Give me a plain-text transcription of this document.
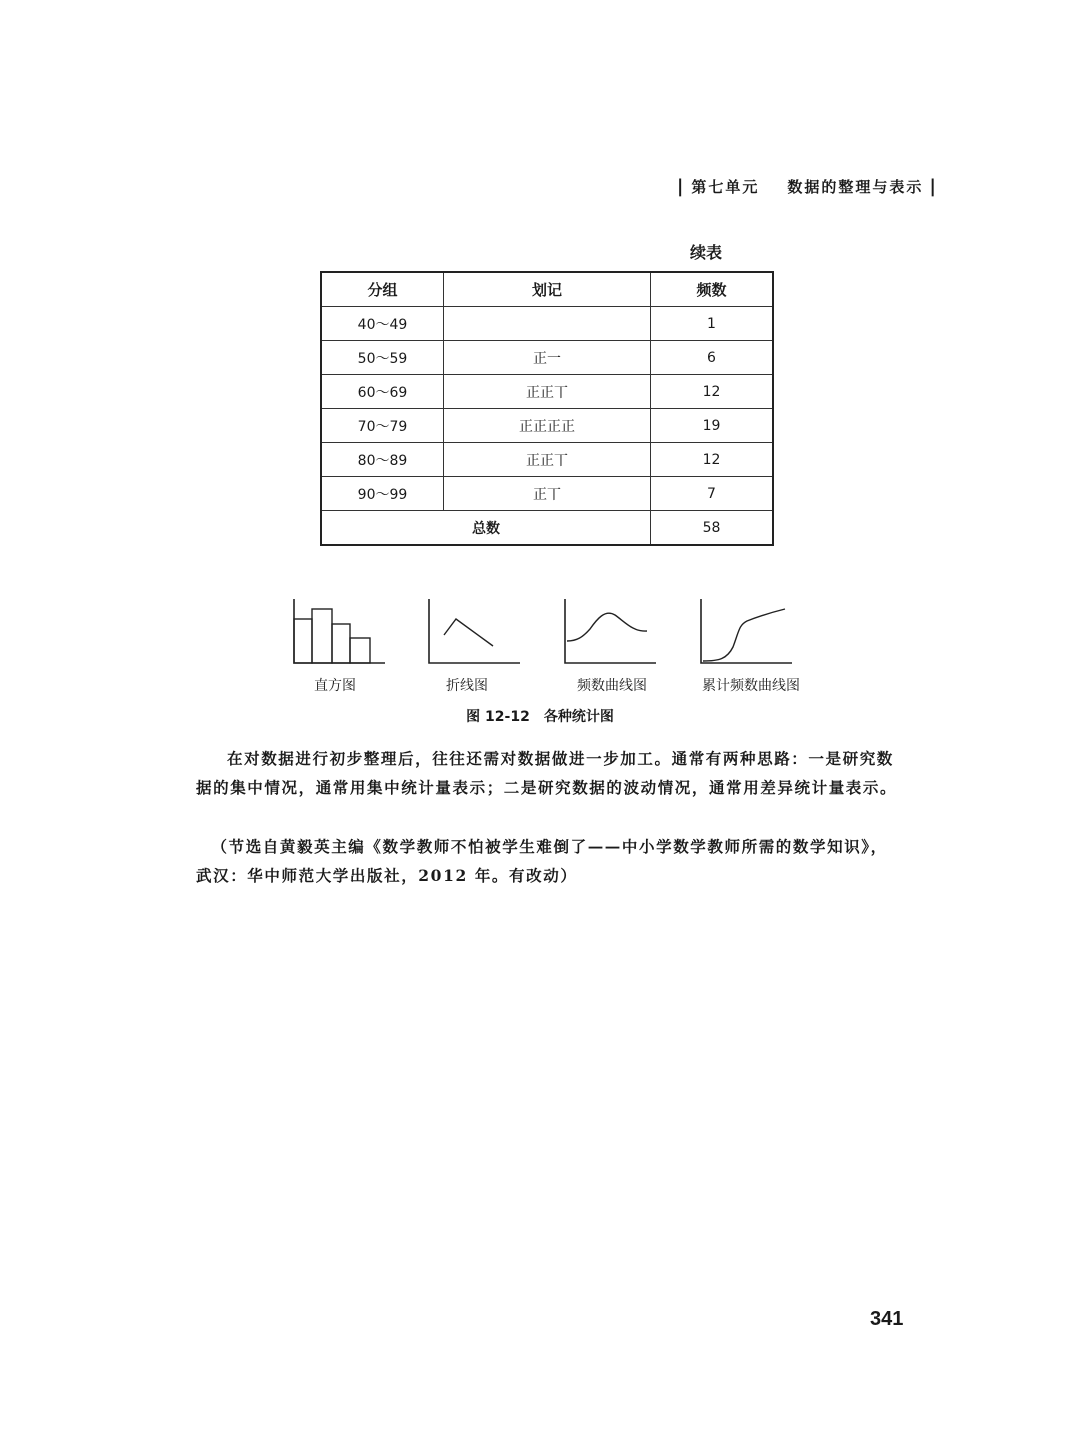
| 第七单元 数据的整理与表示 |
续表
分组	划记	频数
40～49		1
50～59	正一	6
60～69	正正丅	12
70～79	正正正正	19
80～89	正正丅	12
90～99	正丅	7
总数		58
直方图	折线图	频数曲线图	累计频数曲线图
图 12-12　各种统计图
在对数据进行初步整理后，往往还需对数据做进一步加工。通常有两种思路：一是研究数据的集中情况，通常用集中统计量表示；二是研究数据的波动情况，通常用差异统计量表示。
（节选自黄毅英主编《数学教师不怕被学生难倒了——中小学数学教师所需的数学知识》，武汉：华中师范大学出版社，2012 年。有改动）
341
